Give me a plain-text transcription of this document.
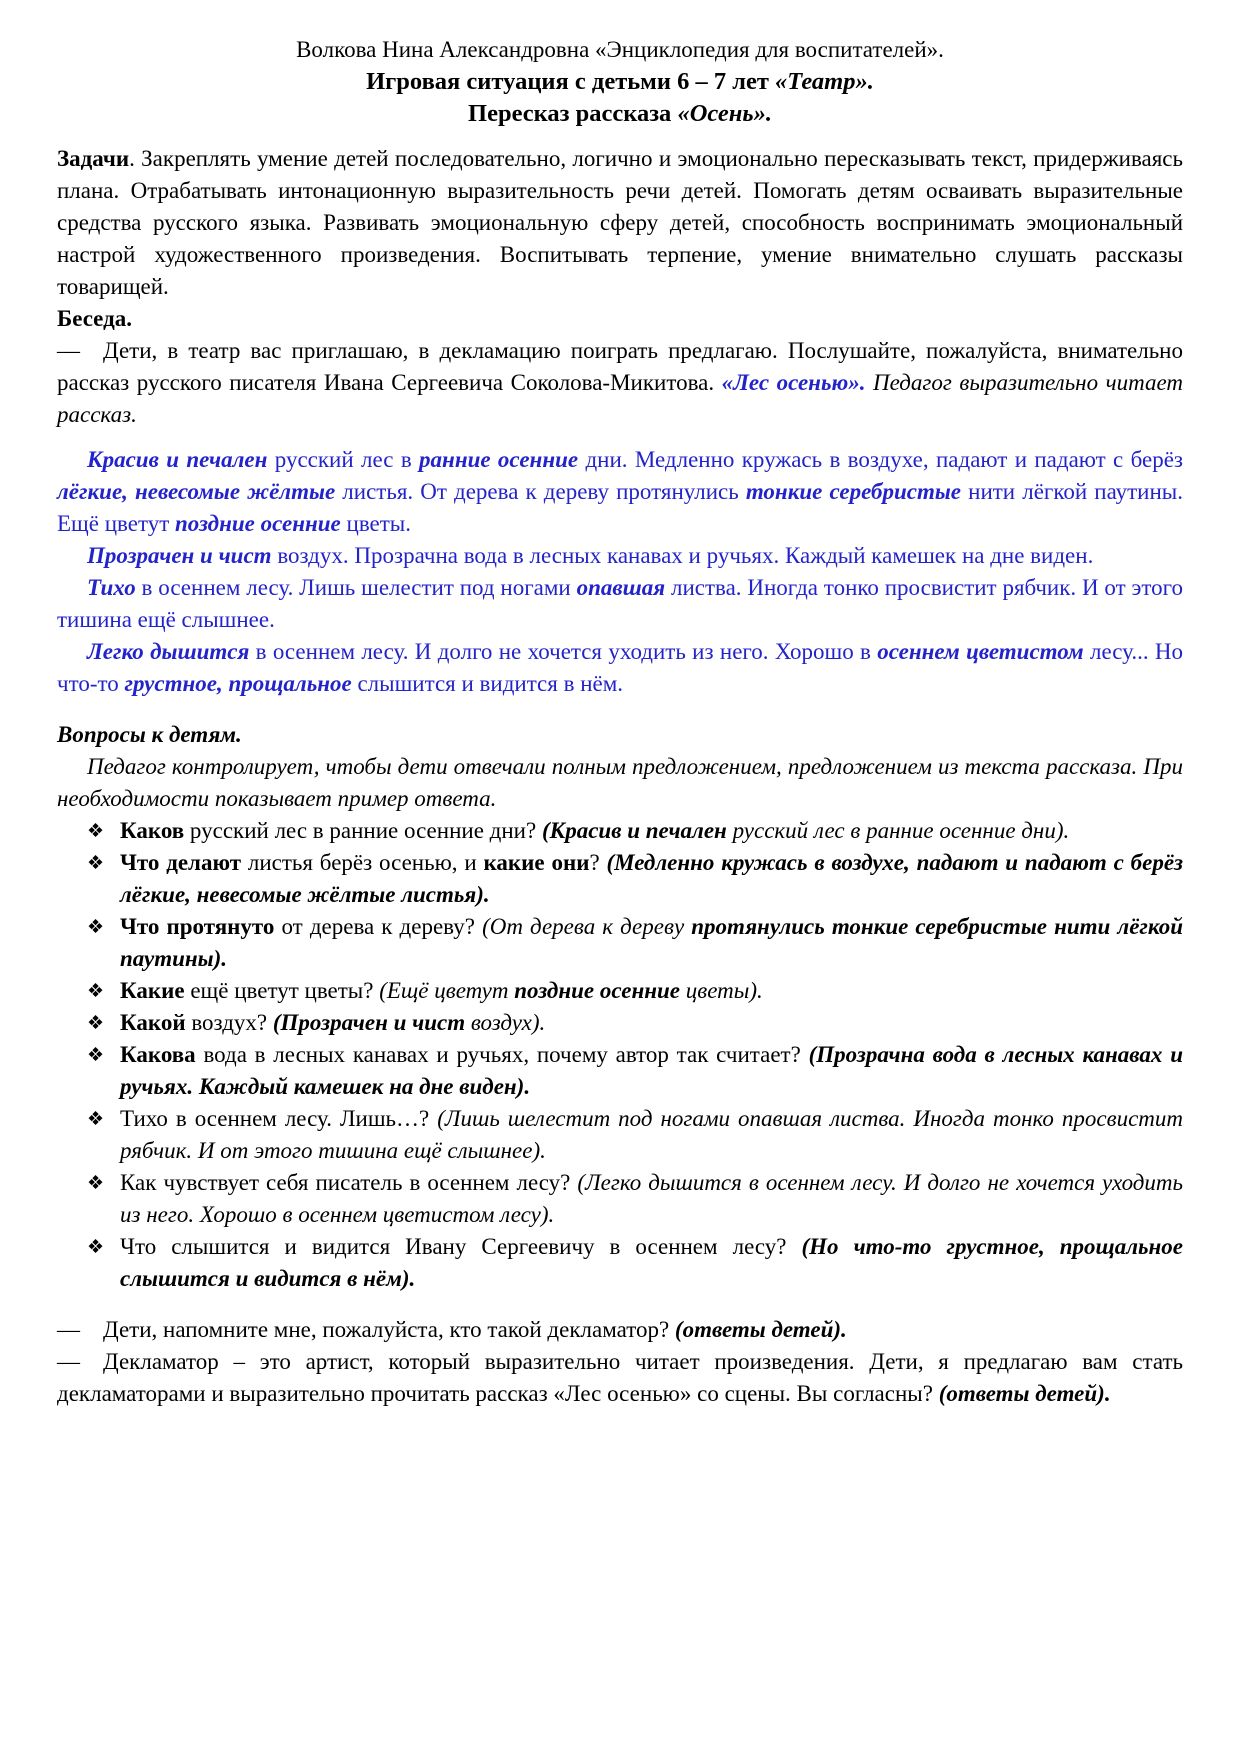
Волкова Нина Александровна «Энциклопедия для воспитателей».
Игровая ситуация с детьми 6 – 7 лет «Театр».
Пересказ рассказа «Осень».
Задачи. Закреплять умение детей последовательно, логично и эмоционально пересказывать текст, придерживаясь плана. Отрабатывать интонационную выразительность речи детей. Помогать детям осваивать выразительные средства русского языка. Развивать эмоциональную сферу детей, способность воспринимать эмоциональный настрой художественного произведения. Воспитывать терпение, умение внимательно слушать рассказы товарищей.
Беседа.
— Дети, в театр вас приглашаю, в декламацию поиграть предлагаю. Послушайте, пожалуйста, внимательно рассказ русского писателя Ивана Сергеевича Соколова-Микитова. «Лес осенью». Педагог выразительно читает рассказ.
Красив и печален русский лес в ранние осенние дни. Медленно кружась в воздухе, падают и падают с берёз лёгкие, невесомые жёлтые листья. От дерева к дереву протянулись тонкие серебристые нити лёгкой паутины. Ещё цветут поздние осенние цветы.
Прозрачен и чист воздух. Прозрачна вода в лесных канавах и ручьях. Каждый камешек на дне виден.
Тихо в осеннем лесу. Лишь шелестит под ногами опавшая листва. Иногда тонко просвистит рябчик. И от этого тишина ещё слышнее.
Легко дышится в осеннем лесу. И долго не хочется уходить из него. Хорошо в осеннем цветистом лесу... Но что-то грустное, прощальное слышится и видится в нём.
Вопросы к детям.
Педагог контролирует, чтобы дети отвечали полным предложением, предложением из текста рассказа. При необходимости показывает пример ответа.
❖ Каков русский лес в ранние осенние дни? (Красив и печален русский лес в ранние осенние дни).
❖ Что делают листья берёз осенью, и какие они? (Медленно кружась в воздухе, падают и падают с берёз лёгкие, невесомые жёлтые листья).
❖ Что протянуто от дерева к дереву? (От дерева к дереву протянулись тонкие серебристые нити лёгкой паутины).
❖ Какие ещё цветут цветы? (Ещё цветут поздние осенние цветы).
❖ Какой воздух? (Прозрачен и чист воздух).
❖ Какова вода в лесных канавах и ручьях, почему автор так считает? (Прозрачна вода в лесных канавах и ручьях. Каждый камешек на дне виден).
❖ Тихо в осеннем лесу. Лишь…? (Лишь шелестит под ногами опавшая листва. Иногда тонко просвистит рябчик. И от этого тишина ещё слышнее).
❖ Как чувствует себя писатель в осеннем лесу? (Легко дышится в осеннем лесу. И долго не хочется уходить из него. Хорошо в осеннем цветистом лесу).
❖ Что слышится и видится Ивану Сергеевичу в осеннем лесу? (Но что-то грустное, прощальное слышится и видится в нём).
— Дети, напомните мне, пожалуйста, кто такой декламатор? (ответы детей).
— Декламатор – это артист, который выразительно читает произведения. Дети, я предлагаю вам стать декламаторами и выразительно прочитать рассказ «Лес осенью» со сцены. Вы согласны? (ответы детей).
